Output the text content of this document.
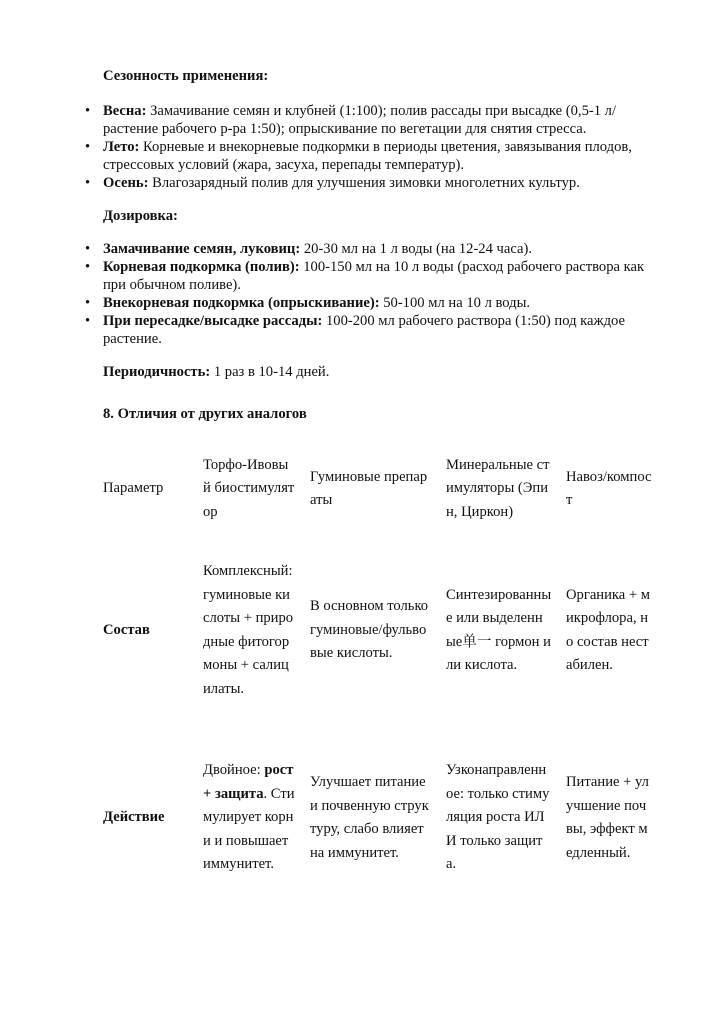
Сезонность применения:
• Весна: Замачивание семян и клубней (1:100); полив рассады при высадке (0,5-1 л/растение рабочего р-ра 1:50); опрыскивание по вегетации для снятия стресса.
• Лето: Корневые и внекорневые подкормки в периоды цветения, завязывания плодов, стрессовых условий (жара, засуха, перепады температур).
• Осень: Влагозарядный полив для улучшения зимовки многолетних культур.
Дозировка:
• Замачивание семян, луковиц: 20-30 мл на 1 л воды (на 12-24 часа).
• Корневая подкормка (полив): 100-150 мл на 10 л воды (расход рабочего раствора как при обычном поливе).
• Внекорневая подкормка (опрыскивание): 50-100 мл на 10 л воды.
• При пересадке/высадке рассады: 100-200 мл рабочего раствора (1:50) под каждое растение.
Периодичность: 1 раз в 10-14 дней.
8. Отличия от других аналогов
Параметр	Торфо-Ивовый биостимулятор	Гуминовые препараты	Минеральные стимуляторы (Эпин, Циркон)	Навоз/компост
Состав	Комплексный: гуминовые кислоты + природные фитогормоны + салицилаты.	В основном только гуминовые/фульвовые кислоты.	Синтезированные или выделенные单一 гормон или кислота.	Органика + микрофлора, но состав нестабилен.
Действие	Двойное: рост + защита. Стимулирует корни и повышает иммунитет.	Улучшает питание и почвенную структуру, слабо влияет на иммунитет.	Узконаправленное: только стимуляция роста ИЛИ только защита.	Питание + улучшение почвы, эффект медленный.
